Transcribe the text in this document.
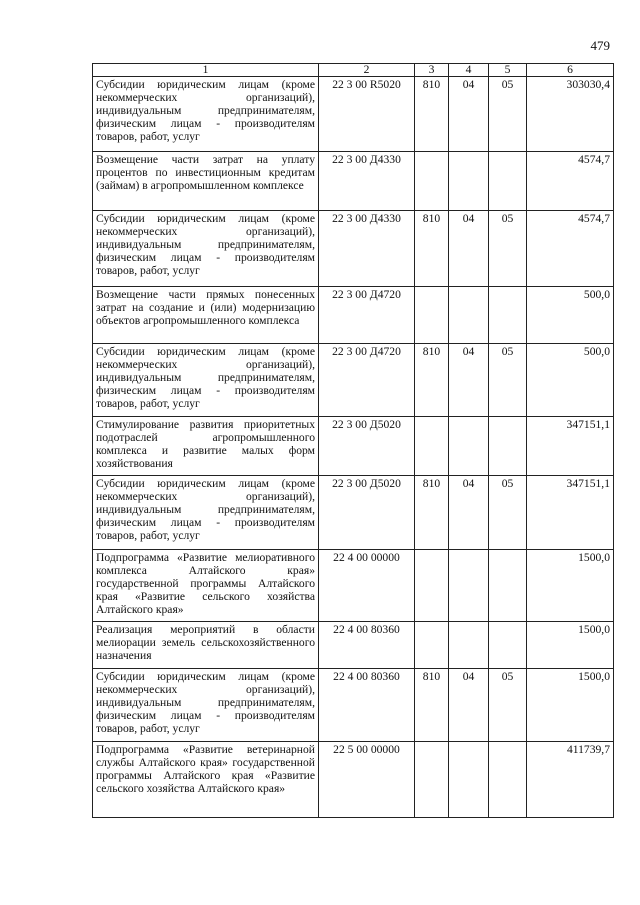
479
1	2	3	4	5	6
Субсидии юридическим лицам (кроме некоммерческих организаций), индивидуальным предпринимателям, физическим лицам - производителям товаров, работ, услуг	22 3 00 R5020	810	04	05	303030,4
Возмещение части затрат на уплату процентов по инвестиционным кредитам (займам) в агропромышленном комплексе	22 3 00 Д4330				4574,7
Субсидии юридическим лицам (кроме некоммерческих организаций), индивидуальным предпринимателям, физическим лицам - производителям товаров, работ, услуг	22 3 00 Д4330	810	04	05	4574,7
Возмещение части прямых понесенных затрат на создание и (или) модернизацию объектов агропромышленного комплекса	22 3 00 Д4720				500,0
Субсидии юридическим лицам (кроме некоммерческих организаций), индивидуальным предпринимателям, физическим лицам - производителям товаров, работ, услуг	22 3 00 Д4720	810	04	05	500,0
Стимулирование развития приоритетных подотраслей агропромышленного комплекса и развитие малых форм хозяйствования	22 3 00 Д5020				347151,1
Субсидии юридическим лицам (кроме некоммерческих организаций), индивидуальным предпринимателям, физическим лицам - производителям товаров, работ, услуг	22 3 00 Д5020	810	04	05	347151,1
Подпрограмма «Развитие мелиоративного комплекса Алтайского края» государственной программы Алтайского края «Развитие сельского хозяйства Алтайского края»	22 4 00 00000				1500,0
Реализация мероприятий в области мелиорации земель сельскохозяйственного назначения	22 4 00 80360				1500,0
Субсидии юридическим лицам (кроме некоммерческих организаций), индивидуальным предпринимателям, физическим лицам - производителям товаров, работ, услуг	22 4 00 80360	810	04	05	1500,0
Подпрограмма «Развитие ветеринарной службы Алтайского края» государственной программы Алтайского края «Развитие сельского хозяйства Алтайского края»	22 5 00 00000				411739,7
